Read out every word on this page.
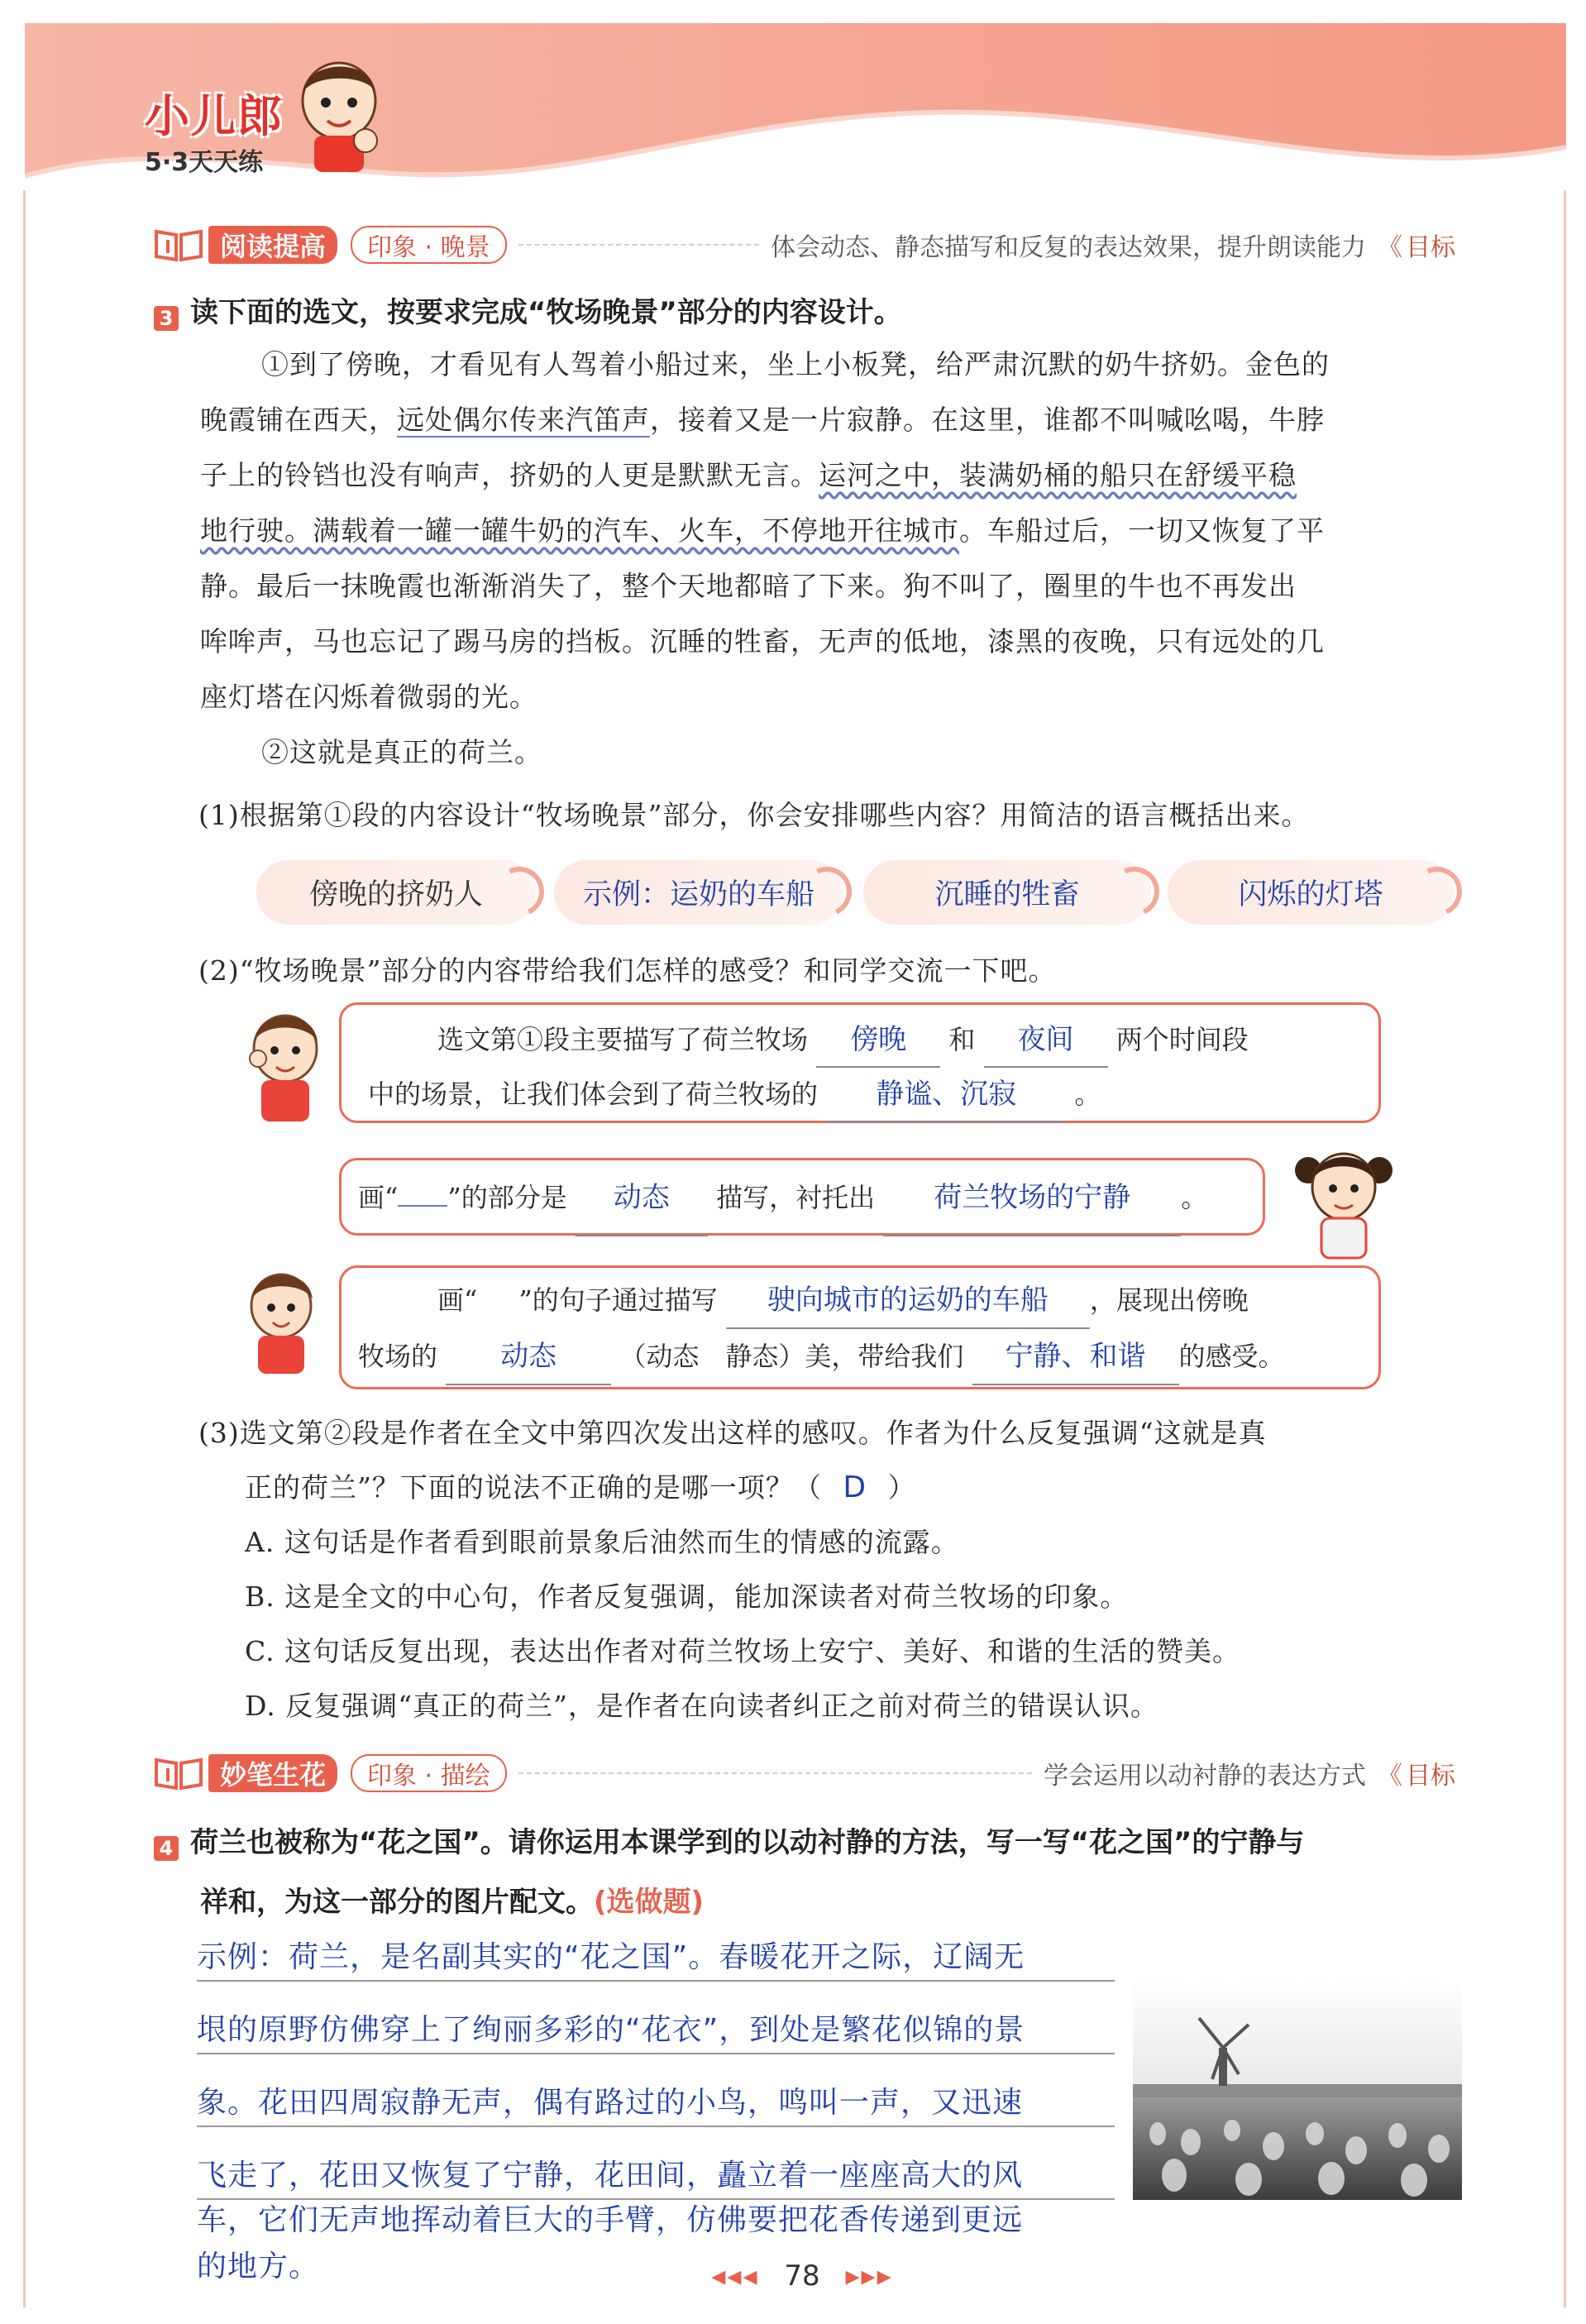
小儿郎
5·3天天练
阅读提高	印象 · 晚景	体会动态、静态描写和反复的表达效果，提升朗读能力 《 目标
3 读下面的选文，按要求完成“牧场晚景”部分的内容设计。
①到了傍晚，才看见有人驾着小船过来，坐上小板凳，给严肃沉默的奶牛挤奶。金色的
晚霞铺在西天，远处偶尔传来汽笛声，接着又是一片寂静。在这里，谁都不叫喊吆喝，牛脖
子上的铃铛也没有响声，挤奶的人更是默默无言。运河之中，装满奶桶的船只在舒缓平稳
地行驶。满载着一罐一罐牛奶的汽车、火车，不停地开往城市。车船过后，一切又恢复了平
静。最后一抹晚霞也渐渐消失了，整个天地都暗了下来。狗不叫了，圈里的牛也不再发出
哞哞声，马也忘记了踢马房的挡板。沉睡的牲畜，无声的低地，漆黑的夜晚，只有远处的几
座灯塔在闪烁着微弱的光。
②这就是真正的荷兰。
(1)根据第①段的内容设计“牧场晚景”部分，你会安排哪些内容？用简洁的语言概括出来。
傍晚的挤奶人	示例：运奶的车船	沉睡的牲畜	闪烁的灯塔
(2)“牧场晚景”部分的内容带给我们怎样的感受？和同学交流一下吧。
选文第①段主要描写了荷兰牧场 傍晚 和 夜间 两个时间段
中的场景，让我们体会到了荷兰牧场的 静谧、沉寂 。
画“ ”的部分是 动态 描写，衬托出 荷兰牧场的宁静 。
画“ ”的句子通过描写 驶向城市的运奶的车船 ，展现出傍晚
牧场的 动态 （动态　静态）美，带给我们 宁静、和谐 的感受。
(3)选文第②段是作者在全文中第四次发出这样的感叹。作者为什么反复强调“这就是真
正的荷兰”？下面的说法不正确的是哪一项？（ D ）
A. 这句话是作者看到眼前景象后油然而生的情感的流露。
B. 这是全文的中心句，作者反复强调，能加深读者对荷兰牧场的印象。
C. 这句话反复出现，表达出作者对荷兰牧场上安宁、美好、和谐的生活的赞美。
D. 反复强调“真正的荷兰”，是作者在向读者纠正之前对荷兰的错误认识。
妙笔生花	印象 · 描绘	学会运用以动衬静的表达方式 《 目标
4 荷兰也被称为“花之国”。请你运用本课学到的以动衬静的方法，写一写“花之国”的宁静与
祥和，为这一部分的图片配文。(选做题)
示例：荷兰，是名副其实的“花之国”。春暖花开之际，辽阔无
垠的原野仿佛穿上了绚丽多彩的“花衣”，到处是繁花似锦的景
象。花田四周寂静无声，偶有路过的小鸟，鸣叫一声，又迅速
飞走了，花田又恢复了宁静，花田间，矗立着一座座高大的风
车，它们无声地挥动着巨大的手臂，仿佛要把花香传递到更远
的地方。	◂◂◂ 78 ▸▸▸
